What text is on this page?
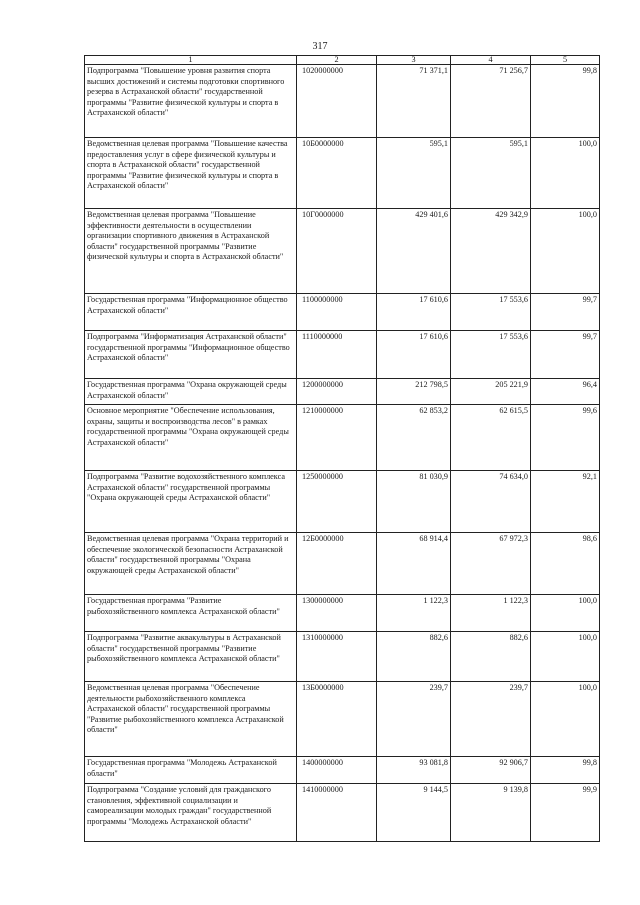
317
1	2	3	4	5
Подпрограмма "Повышение уровня развития спорта высших достижений и системы подготовки спортивного резерва в Астраханской области" государственной программы "Развитие физической культуры и спорта в Астраханской области"	1020000000	71 371,1	71 256,7	99,8
Ведомственная целевая программа "Повышение качества предоставления услуг в сфере физической культуры и спорта в Астраханской области" государственной программы "Развитие физической культуры и спорта в Астраханской области"	10Б0000000	595,1	595,1	100,0
Ведомственная целевая программа "Повышение эффективности деятельности в осуществлении организации спортивного движения в Астраханской области" государственной программы "Развитие физической культуры и спорта в Астраханской области"	10Г0000000	429 401,6	429 342,9	100,0
Государственная программа "Информационное общество Астраханской области"	1100000000	17 610,6	17 553,6	99,7
Подпрограмма "Информатизация Астраханской области" государственной программы "Информационное общество Астраханской области"	1110000000	17 610,6	17 553,6	99,7
Государственная программа "Охрана окружающей среды Астраханской области"	1200000000	212 798,5	205 221,9	96,4
Основное мероприятие "Обеспечение использования, охраны, защиты и воспроизводства лесов" в рамках государственной программы "Охрана окружающей среды Астраханской области"	1210000000	62 853,2	62 615,5	99,6
Подпрограмма "Развитие водохозяйственного комплекса Астраханской области" государственной программы "Охрана окружающей среды Астраханской области"	1250000000	81 030,9	74 634,0	92,1
Ведомственная целевая программа "Охрана территорий и обеспечение экологической безопасности Астраханской области" государственной программы "Охрана окружающей среды Астраханской области"	12Б0000000	68 914,4	67 972,3	98,6
Государственная программа "Развитие рыбохозяйственного комплекса Астраханской области"	1300000000	1 122,3	1 122,3	100,0
Подпрограмма "Развитие аквакультуры в Астраханской области" государственной программы "Развитие рыбохозяйственного комплекса Астраханской области"	1310000000	882,6	882,6	100,0
Ведомственная целевая программа "Обеспечение деятельности рыбохозяйственного комплекса Астраханской области" государственной программы "Развитие рыбохозяйственного комплекса Астраханской области"	13Б0000000	239,7	239,7	100,0
Государственная программа "Молодежь Астраханской области"	1400000000	93 081,8	92 906,7	99,8
Подпрограмма "Создание условий для гражданского становления, эффективной социализации и самореализации молодых граждан" государственной программы "Молодежь Астраханской области"	1410000000	9 144,5	9 139,8	99,9
